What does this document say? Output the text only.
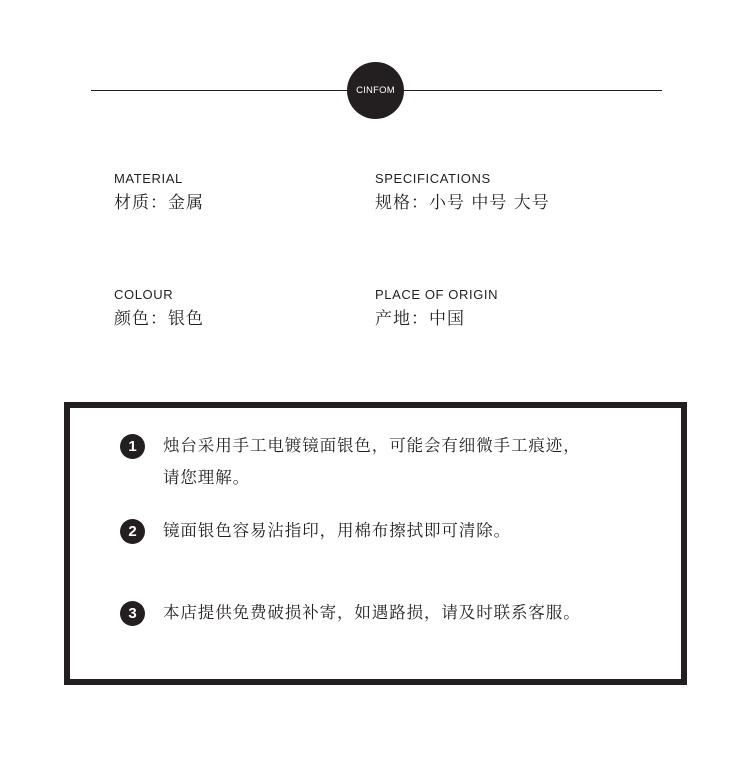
CINFOM
MATERIAL
材质：金属
SPECIFICATIONS
规格：小号 中号 大号
COLOUR
颜色：银色
PLACE OF ORIGIN
产地：中国
1	烛台采用手工电镀镜面银色，可能会有细微手工痕迹，
请您理解。
2	镜面银色容易沾指印，用棉布擦拭即可清除。
3	本店提供免费破损补寄，如遇路损，请及时联系客服。
